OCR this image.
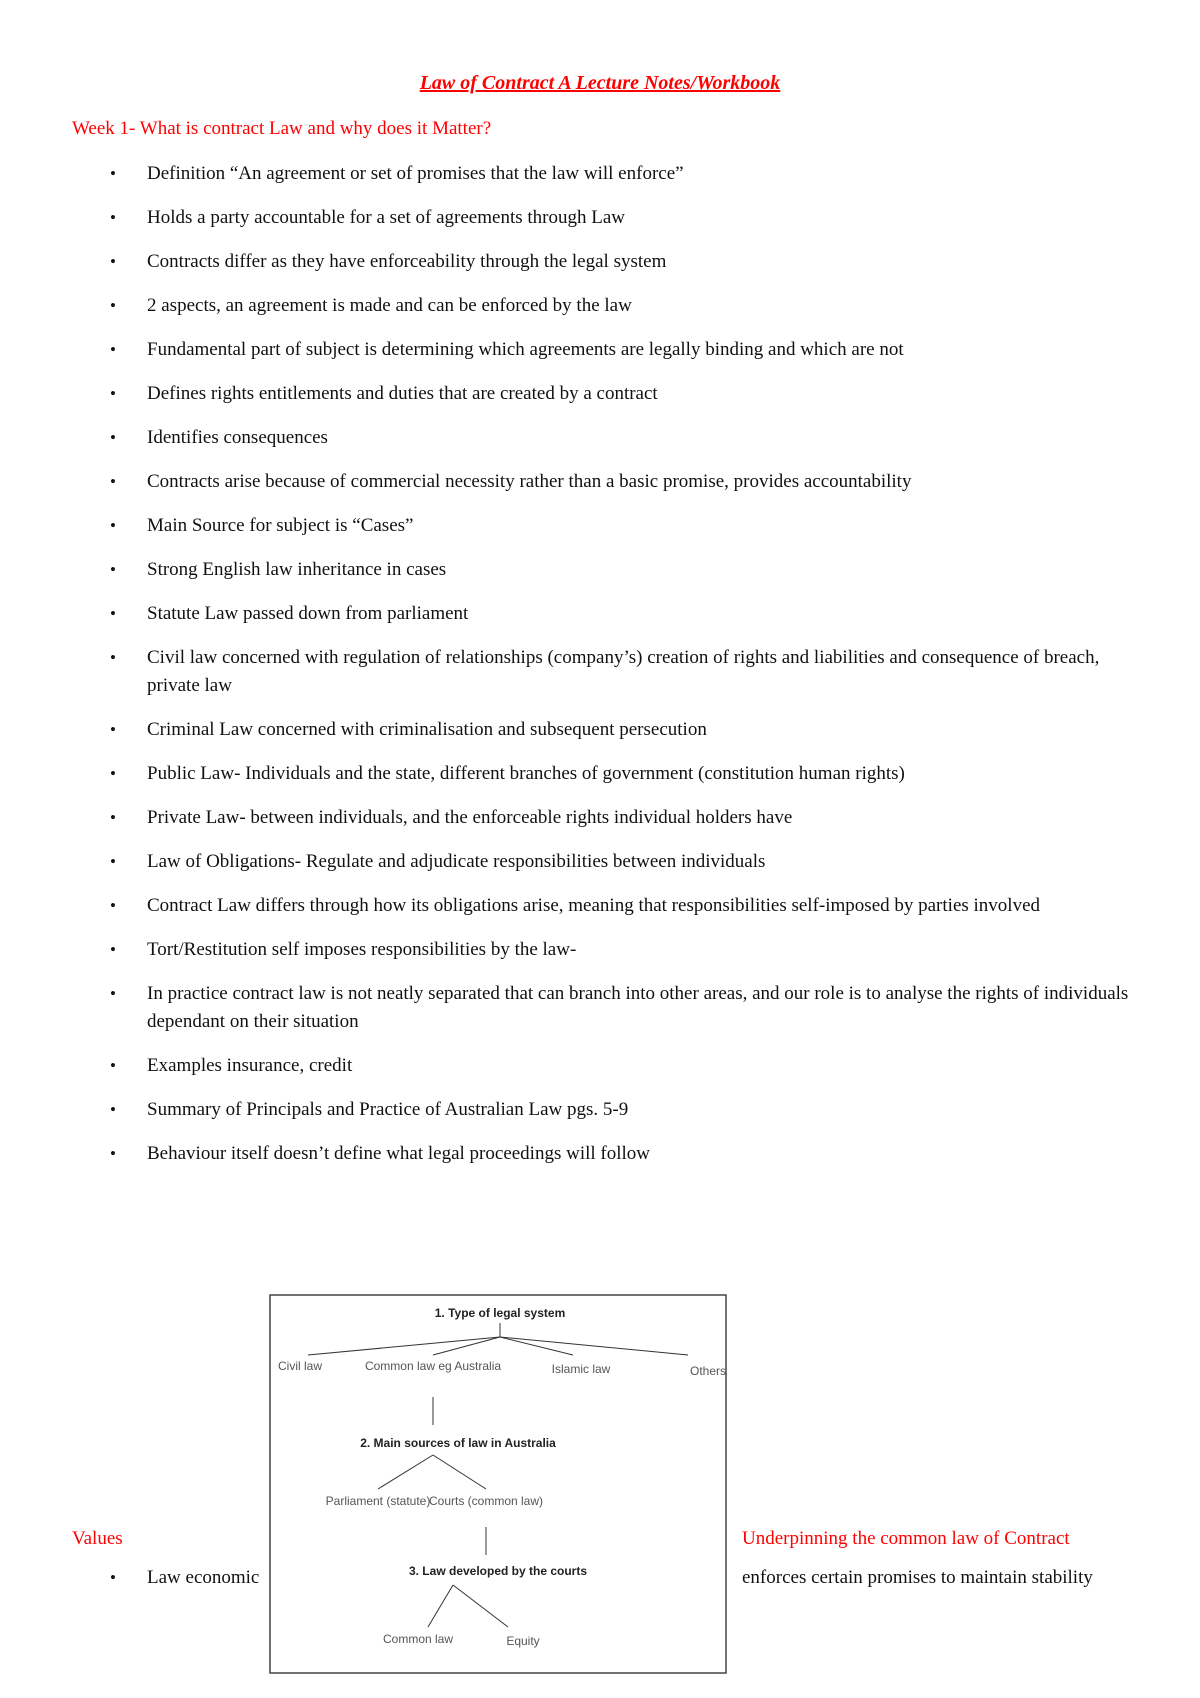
Law of Contract A Lecture Notes/Workbook
Week 1- What is contract Law and why does it Matter?
• Definition “An agreement or set of promises that the law will enforce”
• Holds a party accountable for a set of agreements through Law
• Contracts differ as they have enforceability through the legal system
• 2 aspects, an agreement is made and can be enforced by the law
• Fundamental part of subject is determining which agreements are legally binding and which are not
• Defines rights entitlements and duties that are created by a contract
• Identifies consequences
• Contracts arise because of commercial necessity rather than a basic promise, provides accountability
• Main Source for subject is “Cases”
• Strong English law inheritance in cases
• Statute Law passed down from parliament
• Civil law concerned with regulation of relationships (company’s) creation of rights and liabilities and consequence of breach, private law
• Criminal Law concerned with criminalisation and subsequent persecution
• Public Law- Individuals and the state, different branches of government (constitution human rights)
• Private Law- between individuals, and the enforceable rights individual holders have
• Law of Obligations- Regulate and adjudicate responsibilities between individuals
• Contract Law differs through how its obligations arise, meaning that responsibilities self-imposed by parties involved
• Tort/Restitution self imposes responsibilities by the law-
• In practice contract law is not neatly separated that can branch into other areas, and our role is to analyse the rights of individuals dependant on their situation
• Examples insurance, credit
• Summary of Principals and Practice of Australian Law pgs. 5-9
• Behaviour itself doesn’t define what legal proceedings will follow
1. Type of legal system
Civil law	Common law eg Australia	Islamic law	Others
2. Main sources of law in Australia
Parliament (statute)
Courts (common law)
3. Law developed by the courts
Common law	Equity
Values	Underpinning the common law of Contract
• Law economic	enforces certain promises to maintain stability
